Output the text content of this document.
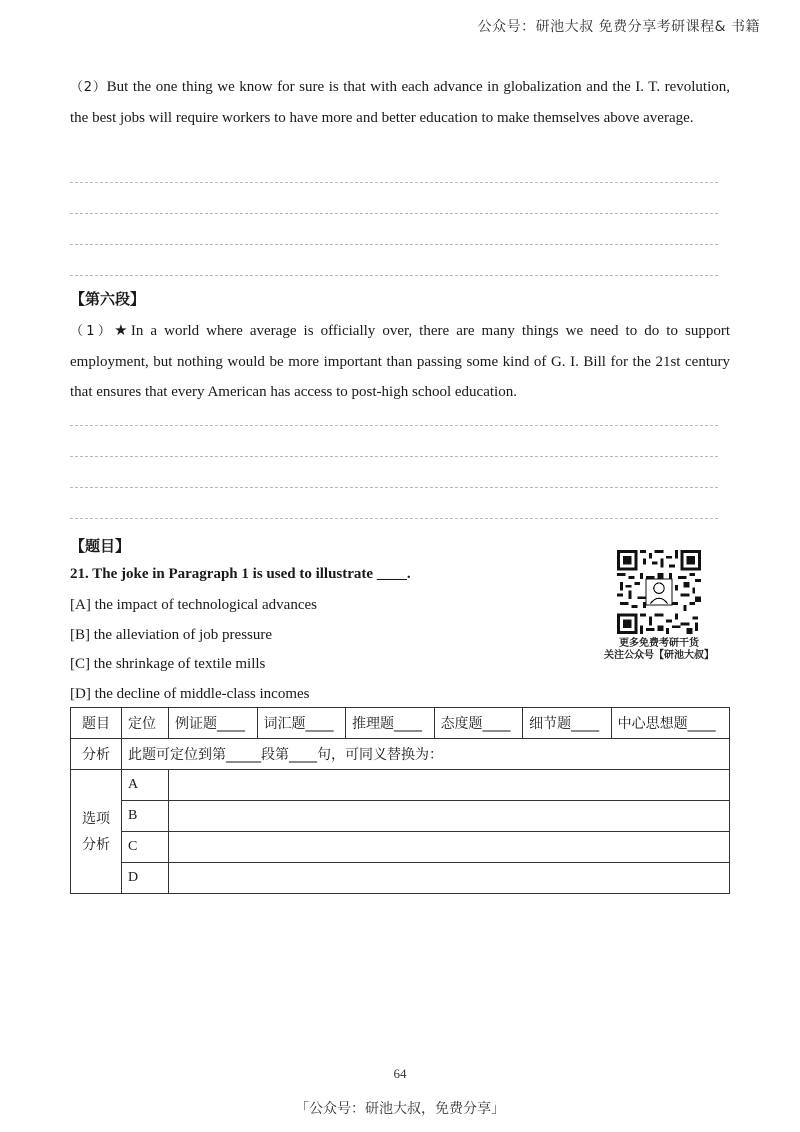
公众号：研池大叔 免费分享考研课程& 书籍
（2）But the one thing we know for sure is that with each advance in globalization and the I. T. revolution, the best jobs will require workers to have more and better education to make themselves above average.
【第六段】
（1）★In a world where average is officially over, there are many things we need to do to support employment, but nothing would be more important than passing some kind of G. I. Bill for the 21st century that ensures that every American has access to post-high school education.
【题目】
21. The joke in Paragraph 1 is used to illustrate ____.
[A] the impact of technological advances
[B] the alleviation of job pressure
[C] the shrinkage of textile mills
[D] the decline of middle-class incomes
更多免费考研干货
关注公众号【研池大叔】
题目	定位	例证题____	词汇题____	推理题____	态度题____	细节题____	中心思想题____

分析	此题可定位到第_____段第____句，可同义替换为：

选项
分析
	A	
B	
C	
D	
64
「公众号：研池大叔，免费分享」
